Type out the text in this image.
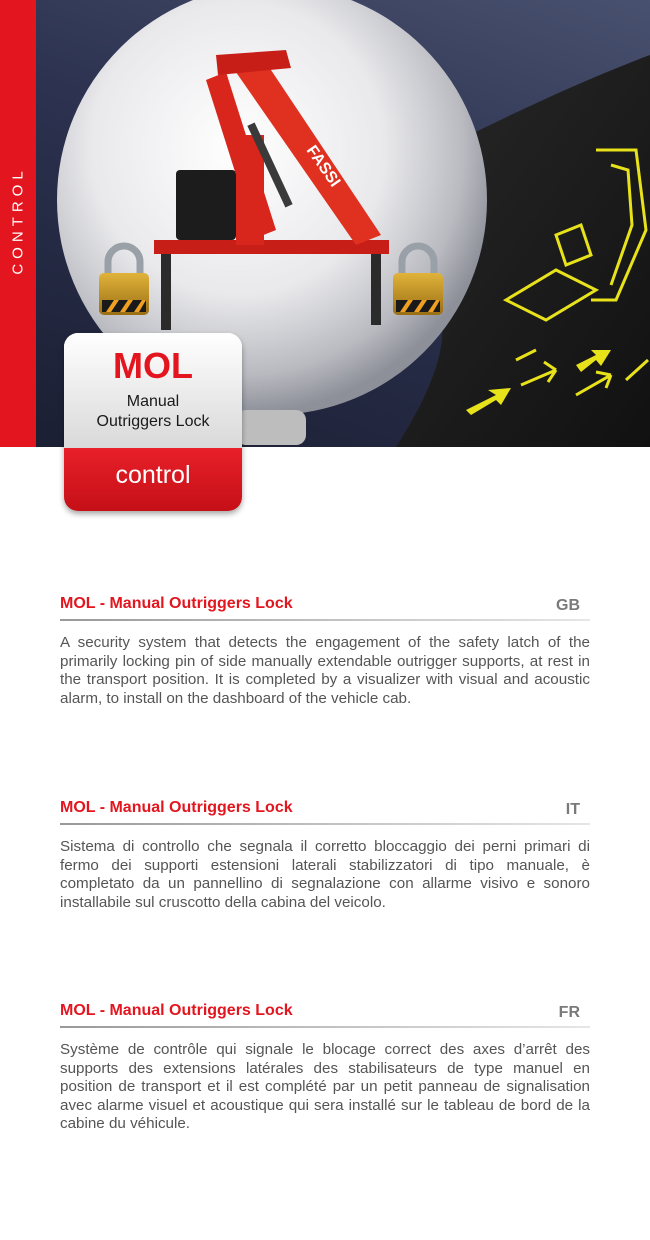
CONTROL	FASSI
MOL
Manual
Outriggers Lock
control
MOL - Manual Outriggers Lock	GB
A security system that detects the engagement of the safety latch of the primarily locking pin of side manually extendable outrigger supports, at rest in the transport position. It is completed by a visualizer with visual and acoustic alarm, to install on the dashboard of the vehicle cab.
MOL - Manual Outriggers Lock	IT
Sistema di controllo che segnala il corretto bloccaggio dei perni primari di fermo dei supporti estensioni laterali stabilizzatori di tipo manuale, è completato da un pannellino di segnalazione con allarme visivo e sonoro installabile sul cruscotto della cabina del veicolo.
MOL - Manual Outriggers Lock	FR
Système de contrôle qui signale le blocage correct des axes d’arrêt des supports des extensions latérales des stabilisateurs de type manuel en position de transport et il est complété par un petit panneau de signalisation avec alarme visuel et acoustique qui sera installé sur le tableau de bord de la cabine du véhicule.
